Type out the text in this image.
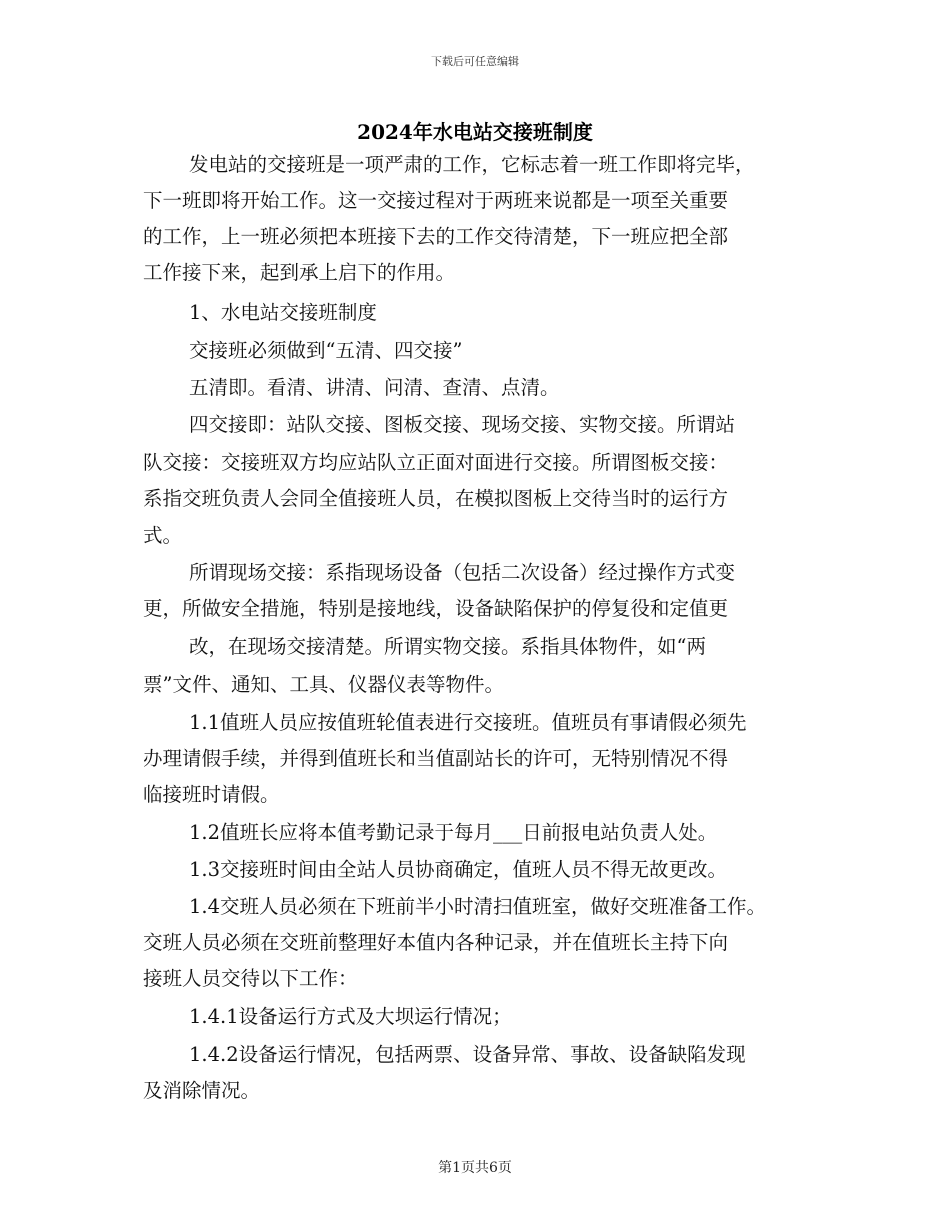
下载后可任意编辑
2024年水电站交接班制度
发电站的交接班是一项严肃的工作，它标志着一班工作即将完毕，
下一班即将开始工作。这一交接过程对于两班来说都是一项至关重要
的工作，上一班必须把本班接下去的工作交待清楚，下一班应把全部
工作接下来，起到承上启下的作用。
1、水电站交接班制度
交接班必须做到“五清、四交接”
五清即。看清、讲清、问清、查清、点清。
四交接即：站队交接、图板交接、现场交接、实物交接。所谓站
队交接：交接班双方均应站队立正面对面进行交接。所谓图板交接：
系指交班负责人会同全值接班人员，在模拟图板上交待当时的运行方
式。
所谓现场交接：系指现场设备（包括二次设备）经过操作方式变
更，所做安全措施，特别是接地线，设备缺陷保护的停复役和定值更
改，在现场交接清楚。所谓实物交接。系指具体物件，如“两
票”文件、通知、工具、仪器仪表等物件。
1.1值班人员应按值班轮值表进行交接班。值班员有事请假必须先
办理请假手续，并得到值班长和当值副站长的许可，无特别情况不得
临接班时请假。
1.2值班长应将本值考勤记录于每月___日前报电站负责人处。
1.3交接班时间由全站人员协商确定，值班人员不得无故更改。
1.4交班人员必须在下班前半小时清扫值班室，做好交班准备工作。
交班人员必须在交班前整理好本值内各种记录，并在值班长主持下向
接班人员交待以下工作：
1.4.1设备运行方式及大坝运行情况；
1.4.2设备运行情况，包括两票、设备异常、事故、设备缺陷发现
及消除情况。
第1页共6页
